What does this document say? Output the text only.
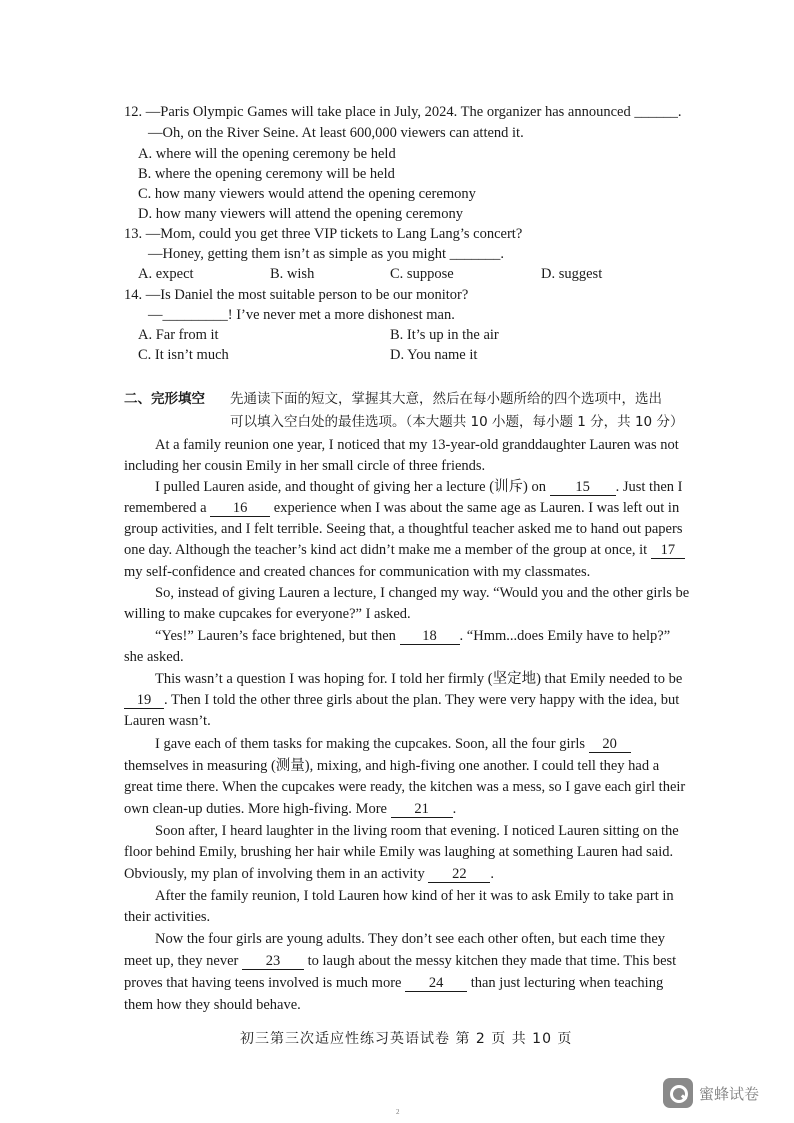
12. —Paris Olympic Games will take place in July, 2024. The organizer has announced ______.
—Oh, on the River Seine. At least 600,000 viewers can attend it.
A. where will the opening ceremony be held
B. where the opening ceremony will be held
C. how many viewers would attend the opening ceremony
D. how many viewers will attend the opening ceremony
13. —Mom, could you get three VIP tickets to Lang Lang’s concert?
—Honey, getting them isn’t as simple as you might _______.
A. expect	B. wish	C. suppose	D. suggest
14. —Is Daniel the most suitable person to be our monitor?
—_________! I’ve never met a more dishonest man.
A. Far from it	B. It’s up in the air
C. It isn’t much	D. You name it
二、完形填空 先通读下面的短文，掌握其大意，然后在每小题所给的四个选项中，选出
可以填入空白处的最佳选项。（本大题共 10 小题，每小题 1 分，共 10 分）
At a family reunion one year, I noticed that my 13-year-old granddaughter Lauren was not
including her cousin Emily in her small circle of three friends.
I pulled Lauren aside, and thought of giving her a lecture (训斥) on 15 . Just then I
remembered a 16 experience when I was about the same age as Lauren. I was left out in
group activities, and I felt terrible. Seeing that, a thoughtful teacher asked me to hand out papers
one day. Although the teacher’s kind act didn’t make me a member of the group at once, it 17
my self-confidence and created chances for communication with my classmates.
So, instead of giving Lauren a lecture, I changed my way. “Would you and the other girls be
willing to make cupcakes for everyone?” I asked.
“Yes!” Lauren’s face brightened, but then 18 . “Hmm...does Emily have to help?”
she asked.
This wasn’t a question I was hoping for. I told her firmly (坚定地) that Emily needed to be
19 . Then I told the other three girls about the plan. They were very happy with the idea, but
Lauren wasn’t.
I gave each of them tasks for making the cupcakes. Soon, all the four girls 20
themselves in measuring (测量), mixing, and high-fiving one another. I could tell they had a
great time there. When the cupcakes were ready, the kitchen was a mess, so I gave each girl their
own clean-up duties. More high-fiving. More 21 .
Soon after, I heard laughter in the living room that evening. I noticed Lauren sitting on the
floor behind Emily, brushing her hair while Emily was laughing at something Lauren had said.
Obviously, my plan of involving them in an activity 22 .
After the family reunion, I told Lauren how kind of her it was to ask Emily to take part in
their activities.
Now the four girls are young adults. They don’t see each other often, but each time they
meet up, they never 23 to laugh about the messy kitchen they made that time. This best
proves that having teens involved is much more 24 than just lecturing when teaching
them how they should behave.
初三第三次适应性练习英语试卷 第 2 页 共 10 页
蜜蜂试卷
2
